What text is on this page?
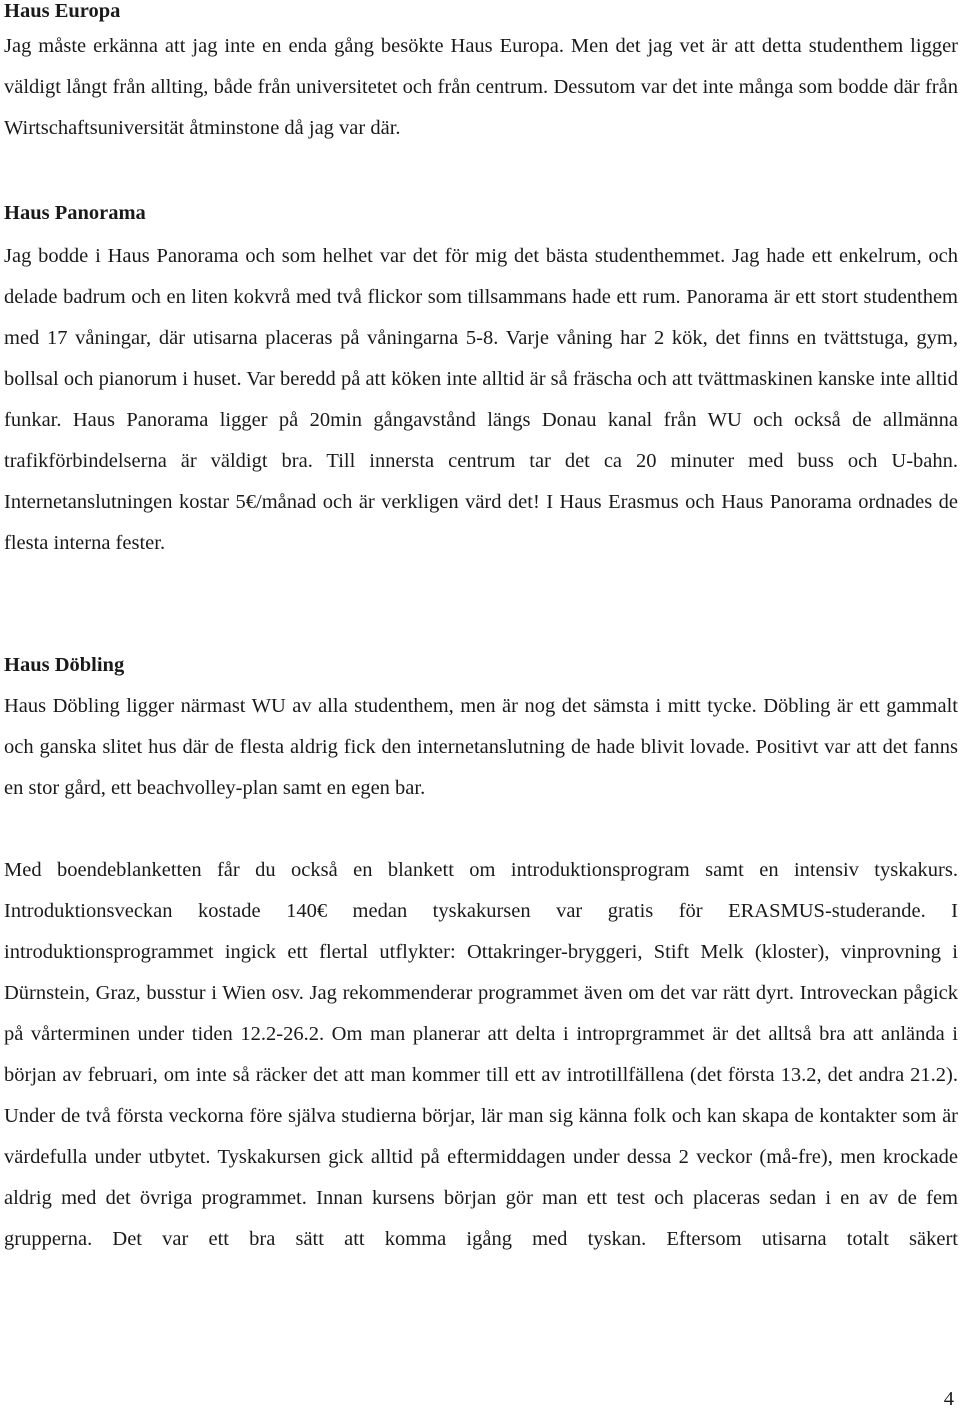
Haus Europa

Jag måste erkänna att jag inte en enda gång besökte Haus Europa. Men det jag vet är att detta studenthem ligger väldigt långt från allting, både från universitetet och från centrum. Dessutom var det inte många som bodde där från Wirtschaftsuniversität åtminstone då jag var där.

Haus Panorama

Jag bodde i Haus Panorama och som helhet var det för mig det bästa studenthemmet. Jag hade ett enkelrum, och delade badrum och en liten kokvrå med två flickor som tillsammans hade ett rum. Panorama är ett stort studenthem med 17 våningar, där utisarna placeras på våningarna 5-8. Varje våning har 2 kök, det finns en tvättstuga, gym, bollsal och pianorum i huset. Var beredd på att köken inte alltid är så fräscha och att tvättmaskinen kanske inte alltid funkar. Haus Panorama ligger på 20min gångavstånd längs Donau kanal från WU och också de allmänna trafikförbindelserna är väldigt bra. Till innersta centrum tar det ca 20 minuter med buss och U-bahn. Internetanslutningen kostar 5€/månad och är verkligen värd det! I Haus Erasmus och Haus Panorama ordnades de flesta interna fester.

Haus Döbling

Haus Döbling ligger närmast WU av alla studenthem, men är nog det sämsta i mitt tycke. Döbling är ett gammalt och ganska slitet hus där de flesta aldrig fick den internetanslutning de hade blivit lovade. Positivt var att det fanns en stor gård, ett beachvolley-plan samt en egen bar.

Med boendeblanketten får du också en blankett om introduktionsprogram samt en intensiv tyskakurs. Introduktionsveckan kostade 140€ medan tyskakursen var gratis för ERASMUS-studerande. I introduktionsprogrammet ingick ett flertal utflykter: Ottakringer-bryggeri, Stift Melk (kloster), vinprovning i Dürnstein, Graz, busstur i Wien osv. Jag rekommenderar programmet även om det var rätt dyrt. Introveckan pågick på vårterminen under tiden 12.2-26.2. Om man planerar att delta i introprgrammet är det alltså bra att anlända i början av februari, om inte så räcker det att man kommer till ett av introtillfällena (det första 13.2, det andra 21.2). Under de två första veckorna före själva studierna börjar, lär man sig känna folk och kan skapa de kontakter som är värdefulla under utbytet. Tyskakursen gick alltid på eftermiddagen under dessa 2 veckor (må-fre), men krockade aldrig med det övriga programmet. Innan kursens början gör man ett test och placeras sedan i en av de fem grupperna. Det var ett bra sätt att komma igång med tyskan. Eftersom utisarna totalt säkert

4
